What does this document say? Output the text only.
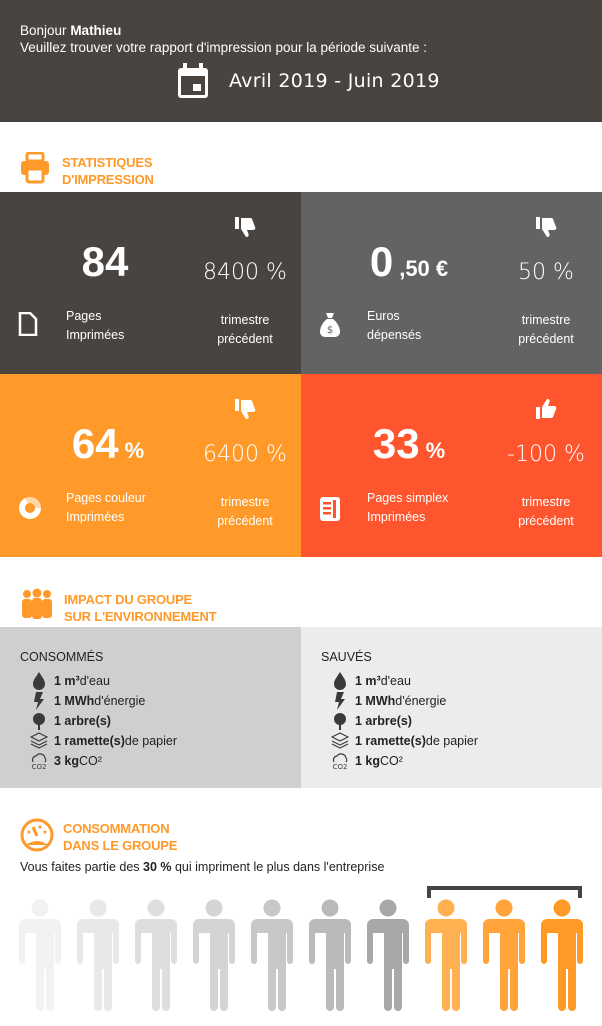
Bonjour Mathieu
Veuillez trouver votre rapport d'impression pour la période suivante :
Avril 2019 - Juin 2019
STATISTIQUES
D'IMPRESSION
84	8400 %
Pages
Imprimées
trimestre
précédent
0 ,50 €	50 %
$
Euros
dépensés
trimestre
précédent
64 %	6400 %
Pages couleur
Imprimées
trimestre
précédent
33 %	-100 %
Pages simplex
Imprimées
trimestre
précédent
IMPACT DU GROUPE
SUR L'ENVIRONNEMENT
CONSOMMÉS
1 m³ d'eau
1 MWh d'énergie
1 arbre(s)
1 ramette(s) de papier
CO2 3 kg CO²
SAUVÉS
1 m³ d'eau
1 MWh d'énergie
1 arbre(s)
1 ramette(s) de papier
CO2 1 kg CO²
CONSOMMATION
DANS LE GROUPE
Vous faites partie des 30 % qui impriment le plus dans l'entreprise
